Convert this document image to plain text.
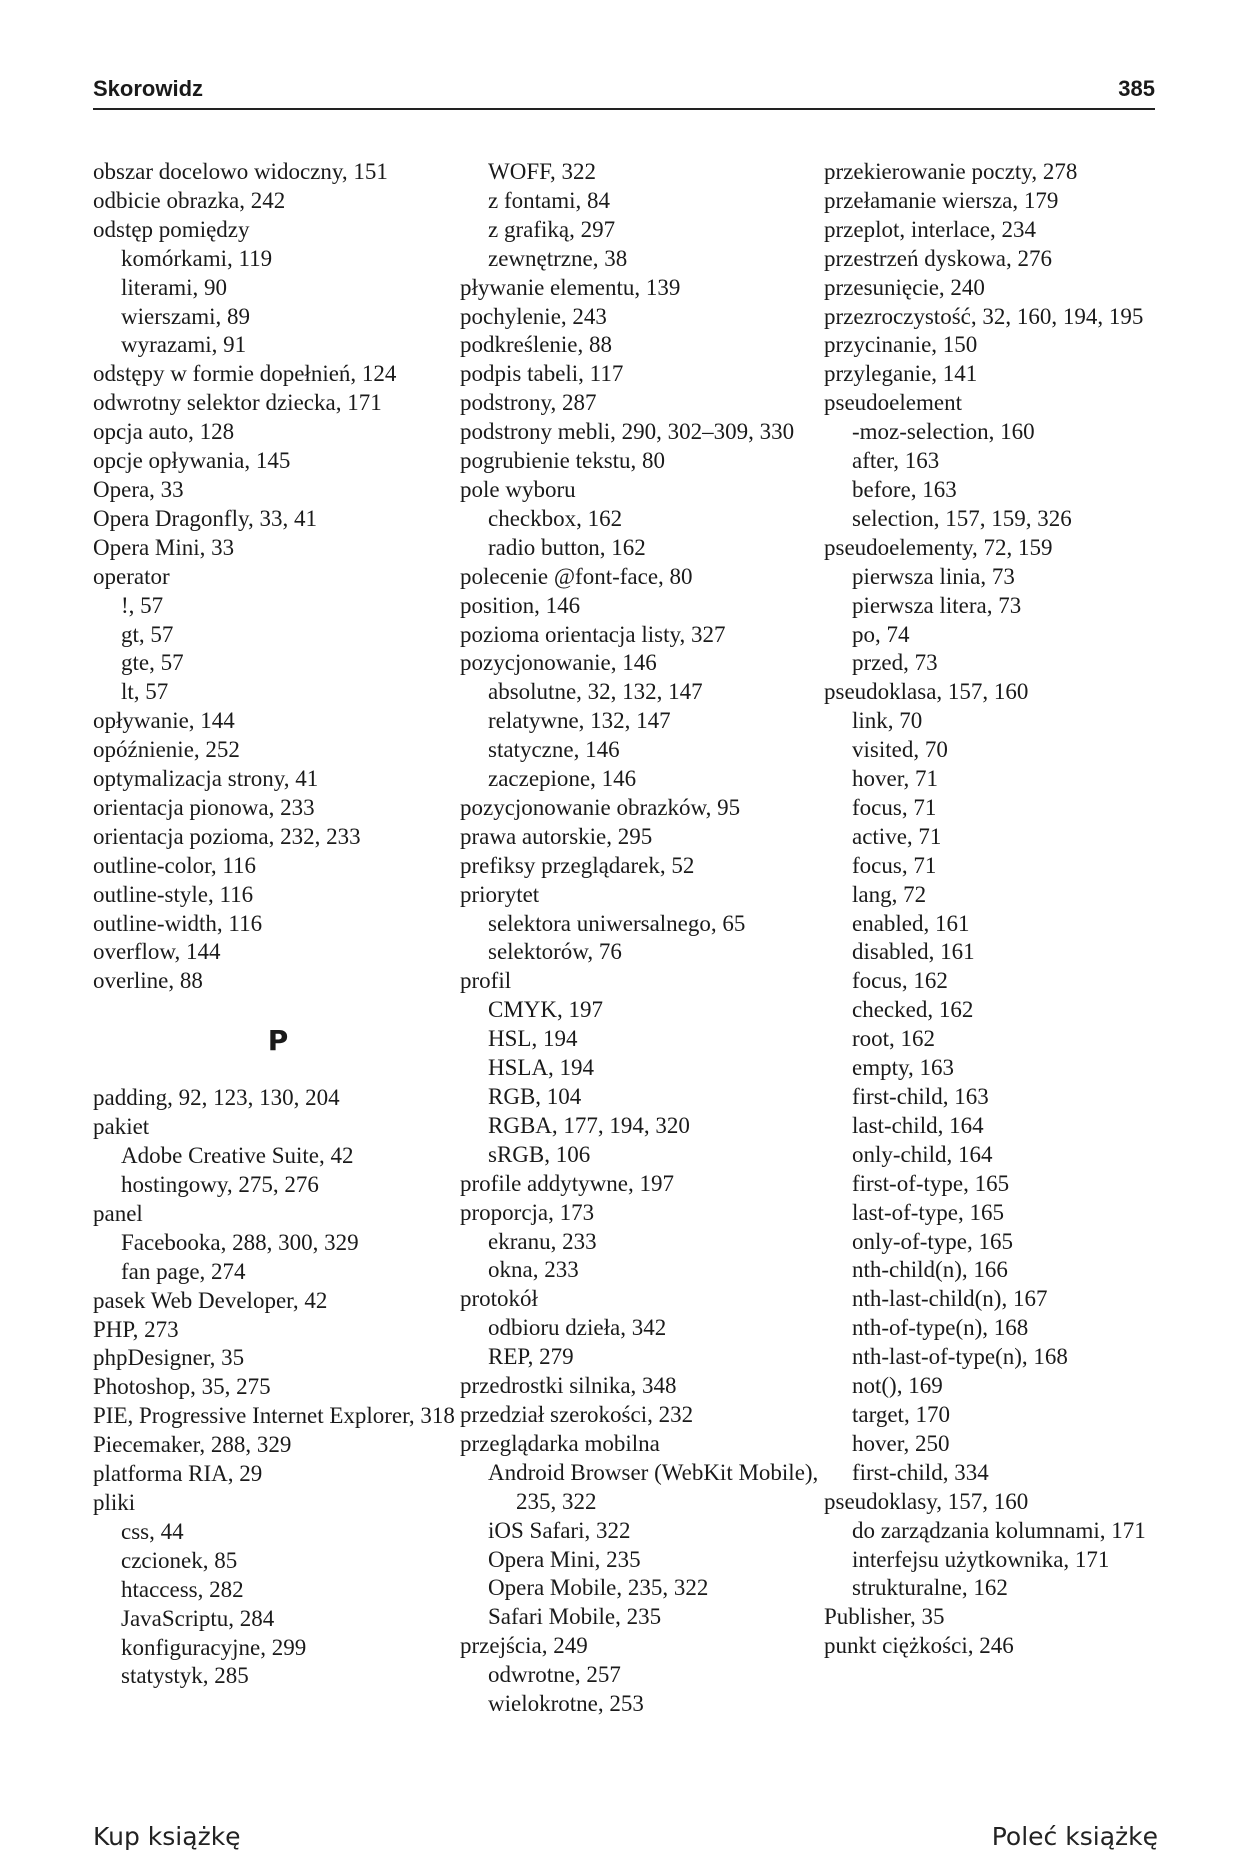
Skorowidz	385
obszar docelowo widoczny, 151
odbicie obrazka, 242
odstęp pomiędzy
komórkami, 119
literami, 90
wierszami, 89
wyrazami, 91
odstępy w formie dopełnień, 124
odwrotny selektor dziecka, 171
opcja auto, 128
opcje opływania, 145
Opera, 33
Opera Dragonfly, 33, 41
Opera Mini, 33
operator
!, 57
gt, 57
gte, 57
lt, 57
opływanie, 144
opóźnienie, 252
optymalizacja strony, 41
orientacja pionowa, 233
orientacja pozioma, 232, 233
outline-color, 116
outline-style, 116
outline-width, 116
overflow, 144
overline, 88
P
padding, 92, 123, 130, 204
pakiet
Adobe Creative Suite, 42
hostingowy, 275, 276
panel
Facebooka, 288, 300, 329
fan page, 274
pasek Web Developer, 42
PHP, 273
phpDesigner, 35
Photoshop, 35, 275
PIE, Progressive Internet Explorer, 318
Piecemaker, 288, 329
platforma RIA, 29
pliki
css, 44
czcionek, 85
htaccess, 282
JavaScriptu, 284
konfiguracyjne, 299
statystyk, 285
WOFF, 322
z fontami, 84
z grafiką, 297
zewnętrzne, 38
pływanie elementu, 139
pochylenie, 243
podkreślenie, 88
podpis tabeli, 117
podstrony, 287
podstrony mebli, 290, 302–309, 330
pogrubienie tekstu, 80
pole wyboru
checkbox, 162
radio button, 162
polecenie @font-face, 80
position, 146
pozioma orientacja listy, 327
pozycjonowanie, 146
absolutne, 32, 132, 147
relatywne, 132, 147
statyczne, 146
zaczepione, 146
pozycjonowanie obrazków, 95
prawa autorskie, 295
prefiksy przeglądarek, 52
priorytet
selektora uniwersalnego, 65
selektorów, 76
profil
CMYK, 197
HSL, 194
HSLA, 194
RGB, 104
RGBA, 177, 194, 320
sRGB, 106
profile addytywne, 197
proporcja, 173
ekranu, 233
okna, 233
protokół
odbioru dzieła, 342
REP, 279
przedrostki silnika, 348
przedział szerokości, 232
przeglądarka mobilna
Android Browser (WebKit Mobile), 235, 322
iOS Safari, 322
Opera Mini, 235
Opera Mobile, 235, 322
Safari Mobile, 235
przejścia, 249
odwrotne, 257
wielokrotne, 253
przekierowanie poczty, 278
przełamanie wiersza, 179
przeplot, interlace, 234
przestrzeń dyskowa, 276
przesunięcie, 240
przezroczystość, 32, 160, 194, 195
przycinanie, 150
przyleganie, 141
pseudoelement
-moz-selection, 160
after, 163
before, 163
selection, 157, 159, 326
pseudoelementy, 72, 159
pierwsza linia, 73
pierwsza litera, 73
po, 74
przed, 73
pseudoklasa, 157, 160
link, 70
visited, 70
hover, 71
focus, 71
active, 71
focus, 71
lang, 72
enabled, 161
disabled, 161
focus, 162
checked, 162
root, 162
empty, 163
first-child, 163
last-child, 164
only-child, 164
first-of-type, 165
last-of-type, 165
only-of-type, 165
nth-child(n), 166
nth-last-child(n), 167
nth-of-type(n), 168
nth-last-of-type(n), 168
not(), 169
target, 170
hover, 250
first-child, 334
pseudoklasy, 157, 160
do zarządzania kolumnami, 171
interfejsu użytkownika, 171
strukturalne, 162
Publisher, 35
punkt ciężkości, 246
Kup książkę	Poleć książkę
